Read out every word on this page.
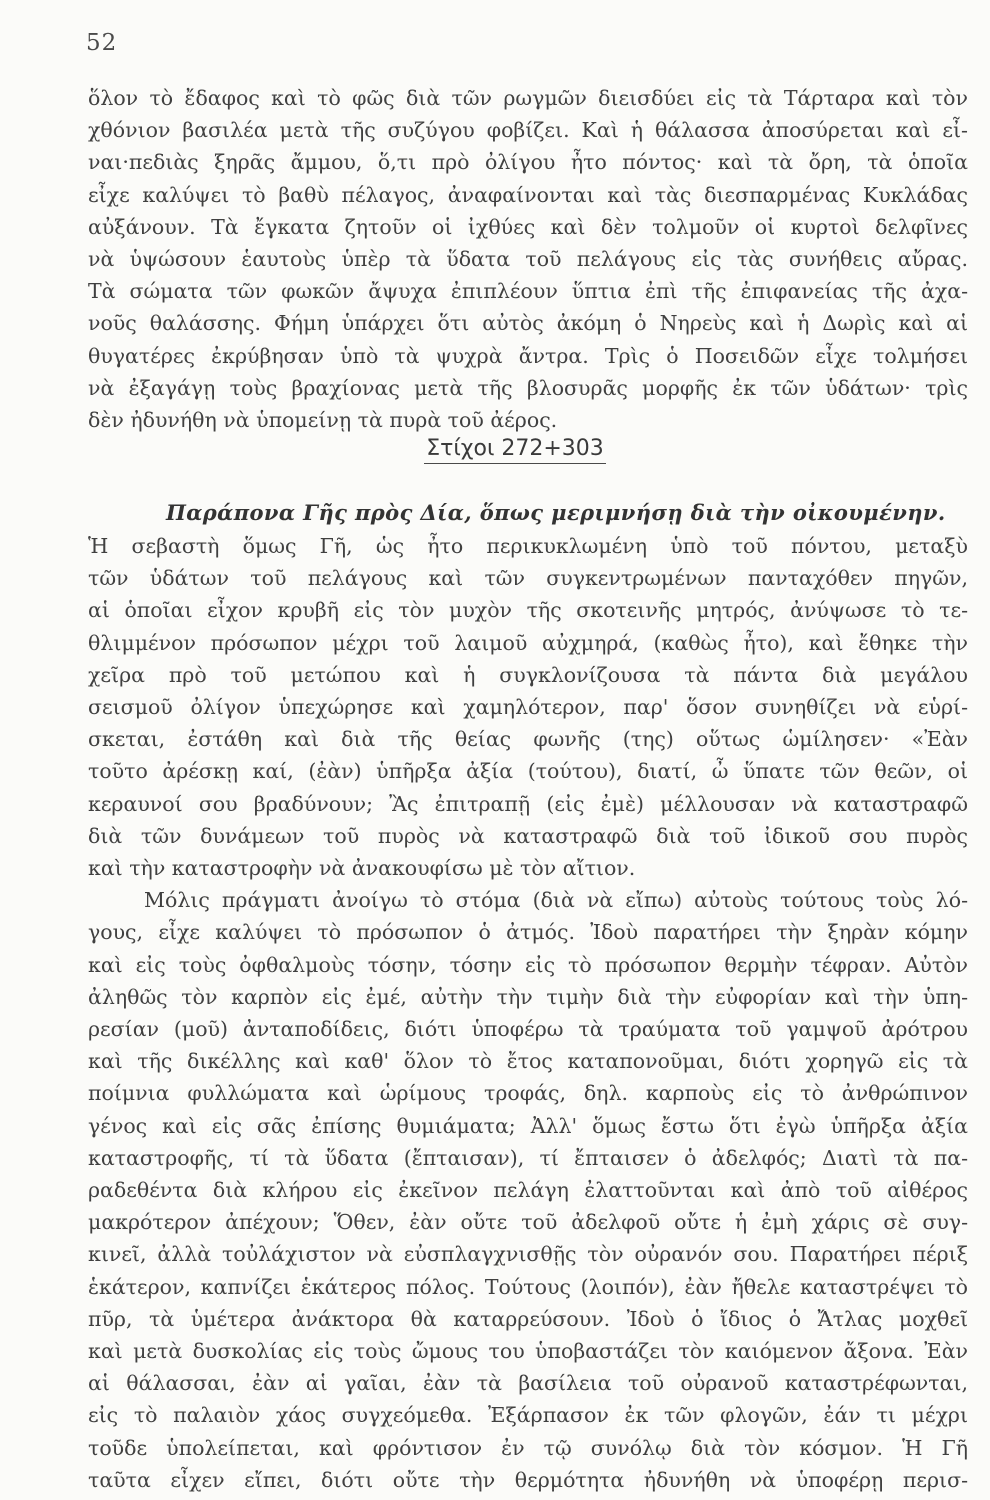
52

ὅλον τὸ ἔδαφος καὶ τὸ φῶς διὰ τῶν ρωγμῶν διεισδύει εἰς τὰ Τάρταρα καὶ τὸν

χθόνιον βασιλέα μετὰ τῆς συζύγου φοβίζει. Καὶ ἡ θάλασσα ἀποσύρεται καὶ εἶ-

ναι·πεδιὰς ξηρᾶς ἄμμου, ὅ,τι πρὸ ὀλίγου ἦτο πόντος· καὶ τὰ ὄρη, τὰ ὁποῖα

εἶχε καλύψει τὸ βαθὺ πέλαγος, ἀναφαίνονται καὶ τὰς διεσπαρμένας Κυκλάδας

αὐξάνουν. Τὰ ἔγκατα ζητοῦν οἱ ἰχθύες καὶ δὲν τολμοῦν οἱ κυρτοὶ δελφῖνες

νὰ ὑψώσουν ἑαυτοὺς ὑπὲρ τὰ ὕδατα τοῦ πελάγους εἰς τὰς συνήθεις αὔρας.

Τὰ σώματα τῶν φωκῶν ἄψυχα ἐπιπλέουν ὕπτια ἐπὶ τῆς ἐπιφανείας τῆς ἀχα-

νοῦς θαλάσσης. Φήμη ὑπάρχει ὅτι αὐτὸς ἀκόμη ὁ Νηρεὺς καὶ ἡ Δωρὶς καὶ αἱ

θυγατέρες ἐκρύβησαν ὑπὸ τὰ ψυχρὰ ἄντρα. Τρὶς ὁ Ποσειδῶν εἶχε τολμήσει

νὰ ἐξαγάγῃ τοὺς βραχίονας μετὰ τῆς βλοσυρᾶς μορφῆς ἐκ τῶν ὑδάτων· τρὶς

δὲν ἠδυνήθη νὰ ὑπομείνῃ τὰ πυρὰ τοῦ ἀέρος.

Στίχοι 272+303
Παράπονα Γῆς πρὸς Δία, ὅπως μεριμνήσῃ διὰ τὴν οἰκουμένην.

Ἡ σεβαστὴ ὅμως Γῆ, ὡς ἦτο περικυκλωμένη ὑπὸ τοῦ πόντου, μεταξὺ

τῶν ὑδάτων τοῦ πελάγους καὶ τῶν συγκεντρωμένων πανταχόθεν πηγῶν,

αἱ ὁποῖαι εἶχον κρυβῆ εἰς τὸν μυχὸν τῆς σκοτεινῆς μητρός, ἀνύψωσε τὸ τε-

θλιμμένον πρόσωπον μέχρι τοῦ λαιμοῦ αὐχμηρά, (καθὼς ἦτο), καὶ ἔθηκε τὴν

χεῖρα πρὸ τοῦ μετώπου καὶ ἡ συγκλονίζουσα τὰ πάντα διὰ μεγάλου

σεισμοῦ ὀλίγον ὑπεχώρησε καὶ χαμηλότερον, παρ' ὅσον συνηθίζει νὰ εὑρί-

σκεται, ἐστάθη καὶ διὰ τῆς θείας φωνῆς (της) οὕτως ὡμίλησεν· «Ἐὰν

τοῦτο ἀρέσκῃ καί, (ἐὰν) ὑπῆρξα ἀξία (τούτου), διατί, ὦ ὕπατε τῶν θεῶν, οἱ

κεραυνοί σου βραδύνουν; Ἂς ἐπιτραπῇ (εἰς ἐμὲ) μέλλουσαν νὰ καταστραφῶ

διὰ τῶν δυνάμεων τοῦ πυρὸς νὰ καταστραφῶ διὰ τοῦ ἰδικοῦ σου πυρὸς

καὶ τὴν καταστροφὴν νὰ ἀνακουφίσω μὲ τὸν αἴτιον.

Μόλις πράγματι ἀνοίγω τὸ στόμα (διὰ νὰ εἴπω) αὐτοὺς τούτους τοὺς λό-

γους, εἶχε καλύψει τὸ πρόσωπον ὁ ἀτμός. Ἰδοὺ παρατήρει τὴν ξηρὰν κόμην

καὶ εἰς τοὺς ὀφθαλμοὺς τόσην, τόσην εἰς τὸ πρόσωπον θερμὴν τέφραν. Αὐτὸν

ἀληθῶς τὸν καρπὸν εἰς ἐμέ, αὐτὴν τὴν τιμὴν διὰ τὴν εὐφορίαν καὶ τὴν ὑπη-

ρεσίαν (μοῦ) ἀνταποδίδεις, διότι ὑποφέρω τὰ τραύματα τοῦ γαμψοῦ ἀρότρου

καὶ τῆς δικέλλης καὶ καθ' ὅλον τὸ ἔτος καταπονοῦμαι, διότι χορηγῶ εἰς τὰ

ποίμνια φυλλώματα καὶ ὡρίμους τροφάς, δηλ. καρποὺς εἰς τὸ ἀνθρώπινον

γένος καὶ εἰς σᾶς ἐπίσης θυμιάματα; Ἀλλ' ὅμως ἔστω ὅτι ἐγὼ ὑπῆρξα ἀξία

καταστροφῆς, τί τὰ ὕδατα (ἔπταισαν), τί ἔπταισεν ὁ ἀδελφός; Διατὶ τὰ πα-

ραδεθέντα διὰ κλήρου εἰς ἐκεῖνον πελάγη ἐλαττοῦνται καὶ ἀπὸ τοῦ αἰθέρος

μακρότερον ἀπέχουν; Ὅθεν, ἐὰν οὔτε τοῦ ἀδελφοῦ οὔτε ἡ ἐμὴ χάρις σὲ συγ-

κινεῖ, ἀλλὰ τοὐλάχιστον νὰ εὐσπλαγχνισθῇς τὸν οὐρανόν σου. Παρατήρει πέριξ

ἑκάτερον, καπνίζει ἑκάτερος πόλος. Τούτους (λοιπόν), ἐὰν ἤθελε καταστρέψει τὸ

πῦρ, τὰ ὑμέτερα ἀνάκτορα θὰ καταρρεύσουν. Ἰδοὺ ὁ ἴδιος ὁ Ἄτλας μοχθεῖ

καὶ μετὰ δυσκολίας εἰς τοὺς ὤμους του ὑποβαστάζει τὸν καιόμενον ἄξονα. Ἐὰν

αἱ θάλασσαι, ἐὰν αἱ γαῖαι, ἐὰν τὰ βασίλεια τοῦ οὐρανοῦ καταστρέφωνται,

εἰς τὸ παλαιὸν χάος συγχεόμεθα. Ἐξάρπασον ἐκ τῶν φλογῶν, ἐάν τι μέχρι

τοῦδε ὑπολείπεται, καὶ φρόντισον ἐν τῷ συνόλῳ διὰ τὸν κόσμον. Ἡ Γῆ

ταῦτα εἶχεν εἴπει, διότι οὔτε τὴν θερμότητα ἠδυνήθη νὰ ὑποφέρῃ περισ-
